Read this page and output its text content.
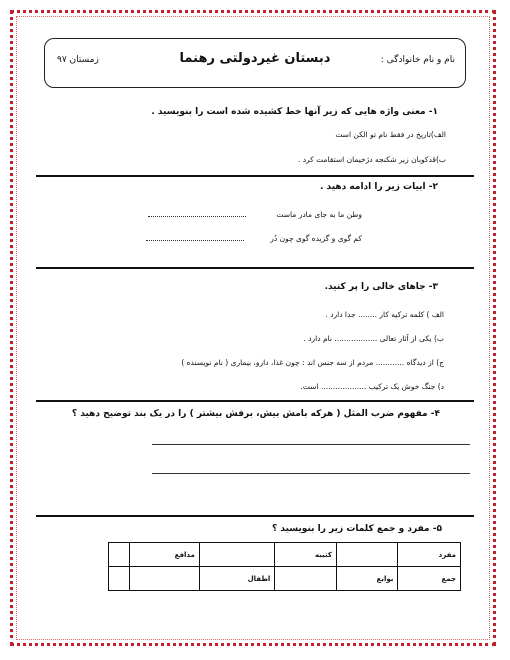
نام و نام خانوادگی :
دبستان غیردولتی رهنما
زمستان ۹۷
۱- معنی واژه هایی که زیر آنها خط کشیده شده است را بنویسید .
الف)تاریخ در فقط نام تو الکن است
ب)قدکوبان زیر شکنجه دژخیمان استقامت کرد .
۲- ابیات زیر را ادامه دهید .
وطن ما به جای مادر ماست
کم گوی و گزیده گوی چون دُر
۳- جاهای خالی را پر کنید.
الف ) کلمه ترکیه کار ........ جدا دارد .
ب) یکی از آثار تعالی .................. نام دارد .
ج) از دیدگاه ............ مردم از سه جنس اند : چون غذا، دارو، بیماری ( نام نویسنده )
د) جنگ خوش یک ترکیب ................... است.
۴- مفهوم ضرب المثل ( هرکه بامش بیش، برفش بیشتر ) را در یک بند توضیح دهید ؟
۵- مفرد و جمع کلمات زیر را بنویسید ؟
مفرد		کتیبه		مدافع	
جمع	بوابع		اطفال		
